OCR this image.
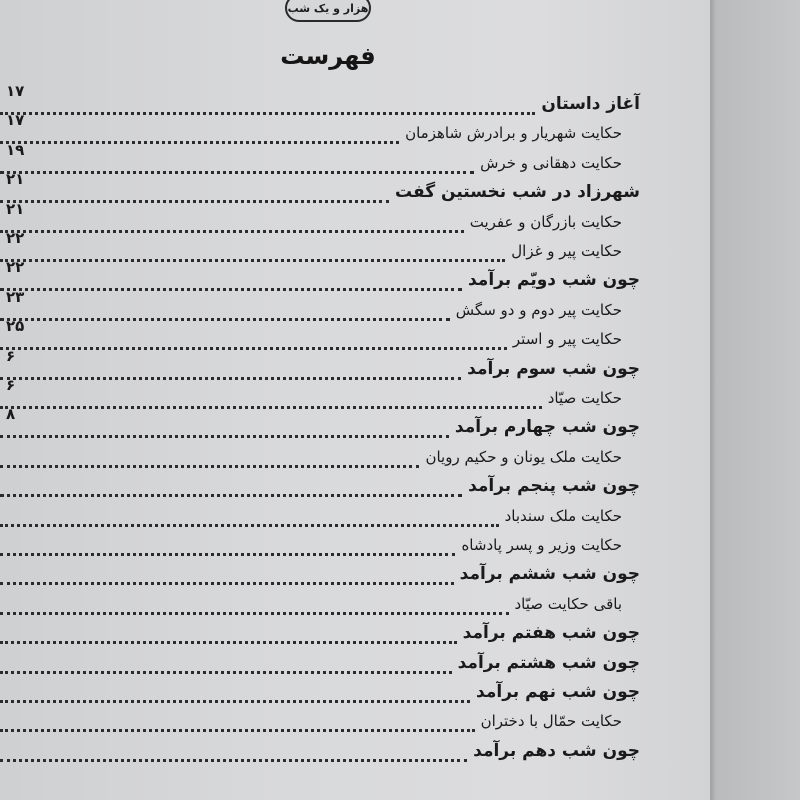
هزار و یک شب
فهرست
آغاز داستان
۱۷
حکایت شهریار و برادرش شاهزمان
۱۷
حکایت دهقانی و خرش
۱۹
شهرزاد در شب نخستین گفت
۲۱
حکایت بازرگان و عفریت
۲۱
حکایت پیر و غزال
۲۲
چون شب دویّم برآمد
۲۲
حکایت پیر دوم و دو سگش
۲۳
حکایت پیر و استر
۲۵
چون شب سوم برآمد
۶
حکایت صیّاد
۶
چون شب چهارم برآمد
۸
حکایت ملک یونان و حکیم رویان
چون شب پنجم برآمد
حکایت ملک سندباد
حکایت وزیر و پسر پادشاه
چون شب ششم برآمد
باقی حکایت صیّاد
چون شب هفتم برآمد
چون شب هشتم برآمد
چون شب نهم برآمد
حکایت حمّال با دختران
چون شب دهم برآمد
